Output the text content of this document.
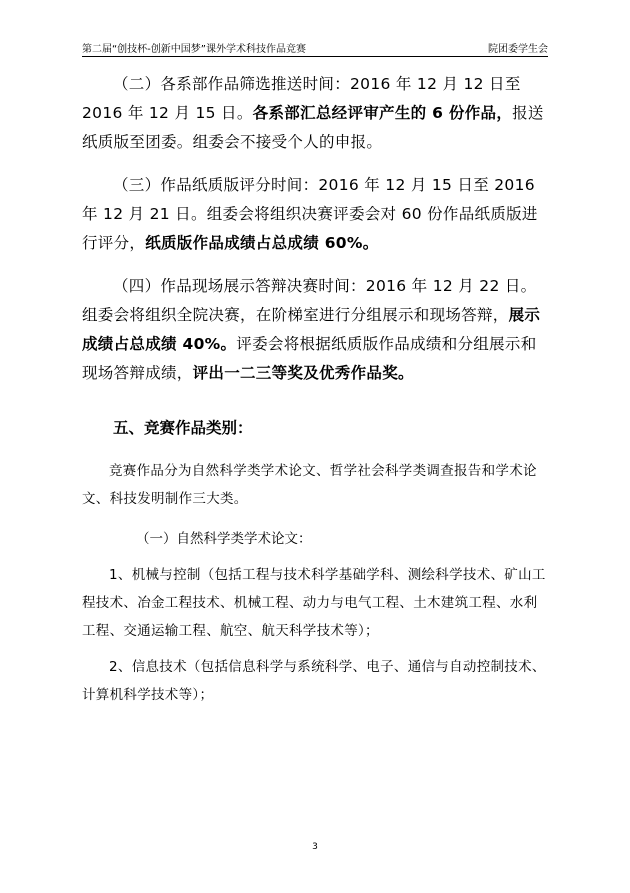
第二届“创技杯-创新中国梦”课外学术科技作品竞赛	院团委学生会

（二）各系部作品筛选推送时间：2016 年 12 月 12 日至 2016 年 12 月 15 日。各系部汇总经评审产生的 6 份作品，报送纸质版至团委。组委会不接受个人的申报。

（三）作品纸质版评分时间：2016 年 12 月 15 日至 2016 年 12 月 21 日。组委会将组织决赛评委会对 60 份作品纸质版进行评分，纸质版作品成绩占总成绩 60%。

（四）作品现场展示答辩决赛时间：2016 年 12 月 22 日。组委会将组织全院决赛，在阶梯室进行分组展示和现场答辩，展示成绩占总成绩 40%。评委会将根据纸质版作品成绩和分组展示和现场答辩成绩，评出一二三等奖及优秀作品奖。

五、竞赛作品类别：

竞赛作品分为自然科学类学术论文、哲学社会科学类调查报告和学术论文、科技发明制作三大类。

（一）自然科学类学术论文：

1、机械与控制（包括工程与技术科学基础学科、测绘科学技术、矿山工程技术、冶金工程技术、机械工程、动力与电气工程、土木建筑工程、水利工程、交通运输工程、航空、航天科学技术等）；

2、信息技术（包括信息科学与系统科学、电子、通信与自动控制技术、计算机科学技术等）；

3
